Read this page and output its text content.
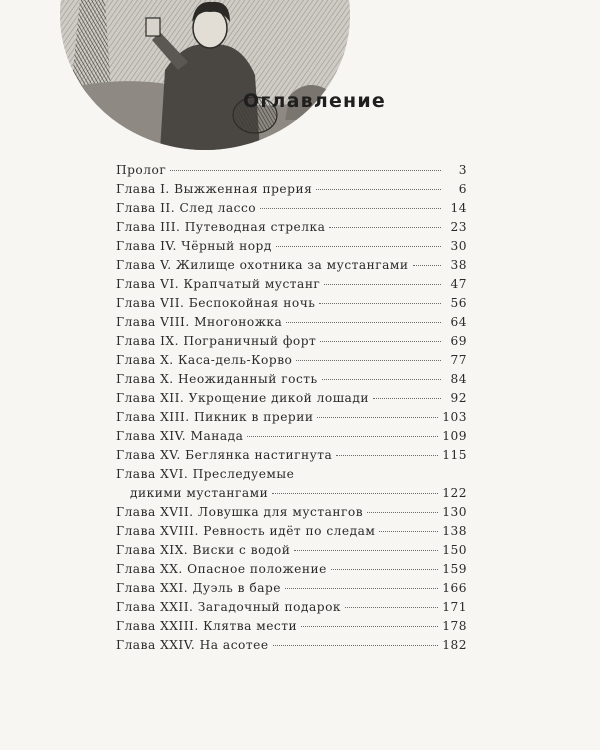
Оглавление
Пролог	3
Глава I. Выжженная прерия	6
Глава II. След лассо	14
Глава III. Путеводная стрелка	23
Глава IV. Чёрный норд	30
Глава V. Жилище охотника за мустангами	38
Глава VI. Крапчатый мустанг	47
Глава VII. Беспокойная ночь	56
Глава VIII. Многоножка	64
Глава IX. Пограничный форт	69
Глава X. Каса-дель-Корво	77
Глава X. Неожиданный гость	84
Глава XII. Укрощение дикой лошади	92
Глава XIII. Пикник в прерии	103
Глава XIV. Манада	109
Глава XV. Беглянка настигнута	115
Глава XVI. Преследуемые
дикими мустангами	122
Глава XVII. Ловушка для мустангов	130
Глава XVIII. Ревность идёт по следам	138
Глава XIX. Виски с водой	150
Глава XX. Опасное положение	159
Глава XXI. Дуэль в баре	166
Глава XXII. Загадочный подарок	171
Глава XXIII. Клятва мести	178
Глава XXIV. На асотее	182
